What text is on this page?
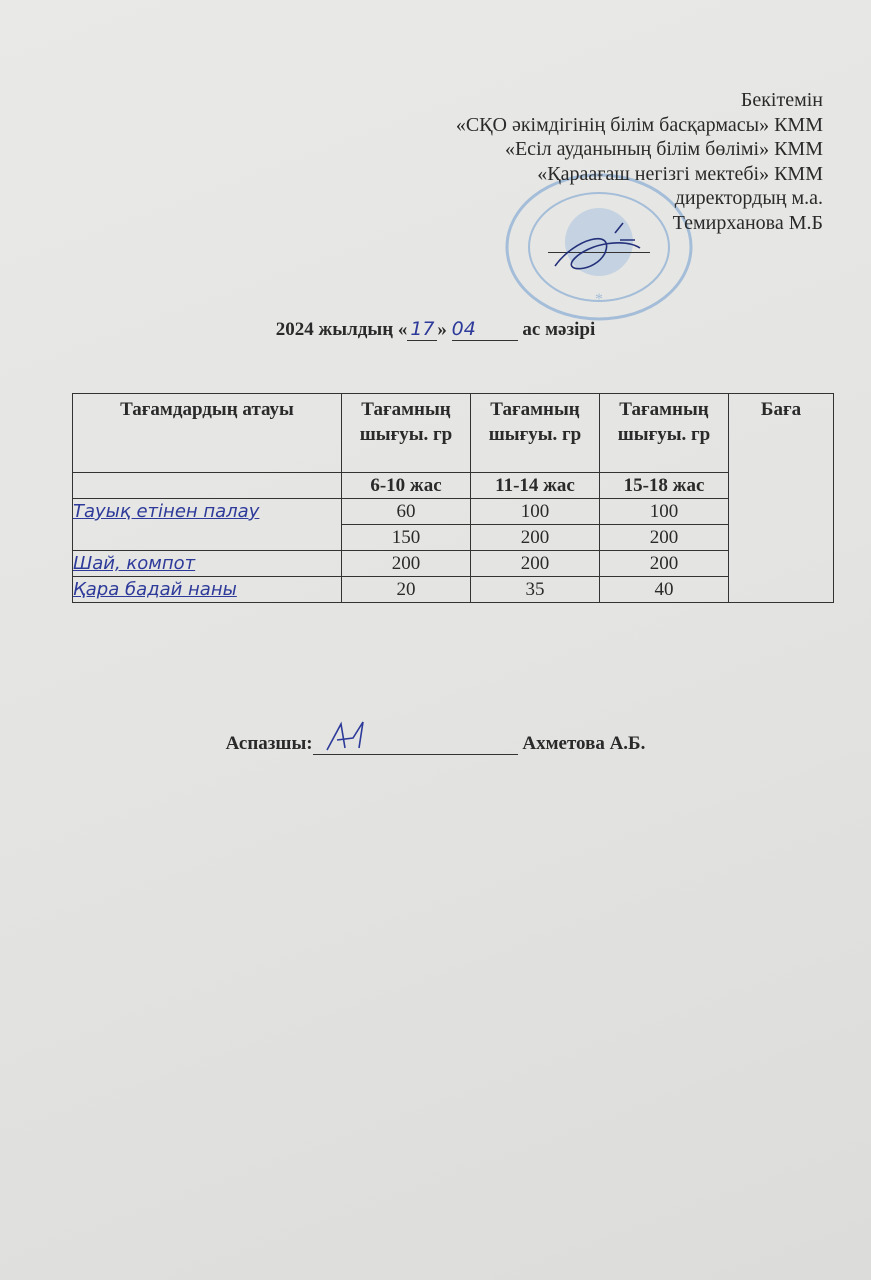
*
Бекітемін
«СҚО әкімдігінің білім басқармасы» КММ
«Есіл ауданының білім бөлімі» КММ
«Қараағаш негізгі мектебі» КММ
директордың м.а.
Темирханова М.Б
2024 жылдың « 17 » 04 ас мәзірі
Тағамдардың атауы	Тағамның шығуы. гр	Тағамның шығуы. гр	Тағамның шығуы. гр	Баға
	6-10 жас	11-14 жас	15-18 жас	
Тауық етінен палау	60	100	100	
	150	200	200	
Шай, компот	200	200	200	
Қара бадай наны	20	35	40	
Аспазшы:	Ахметова А.Б.
